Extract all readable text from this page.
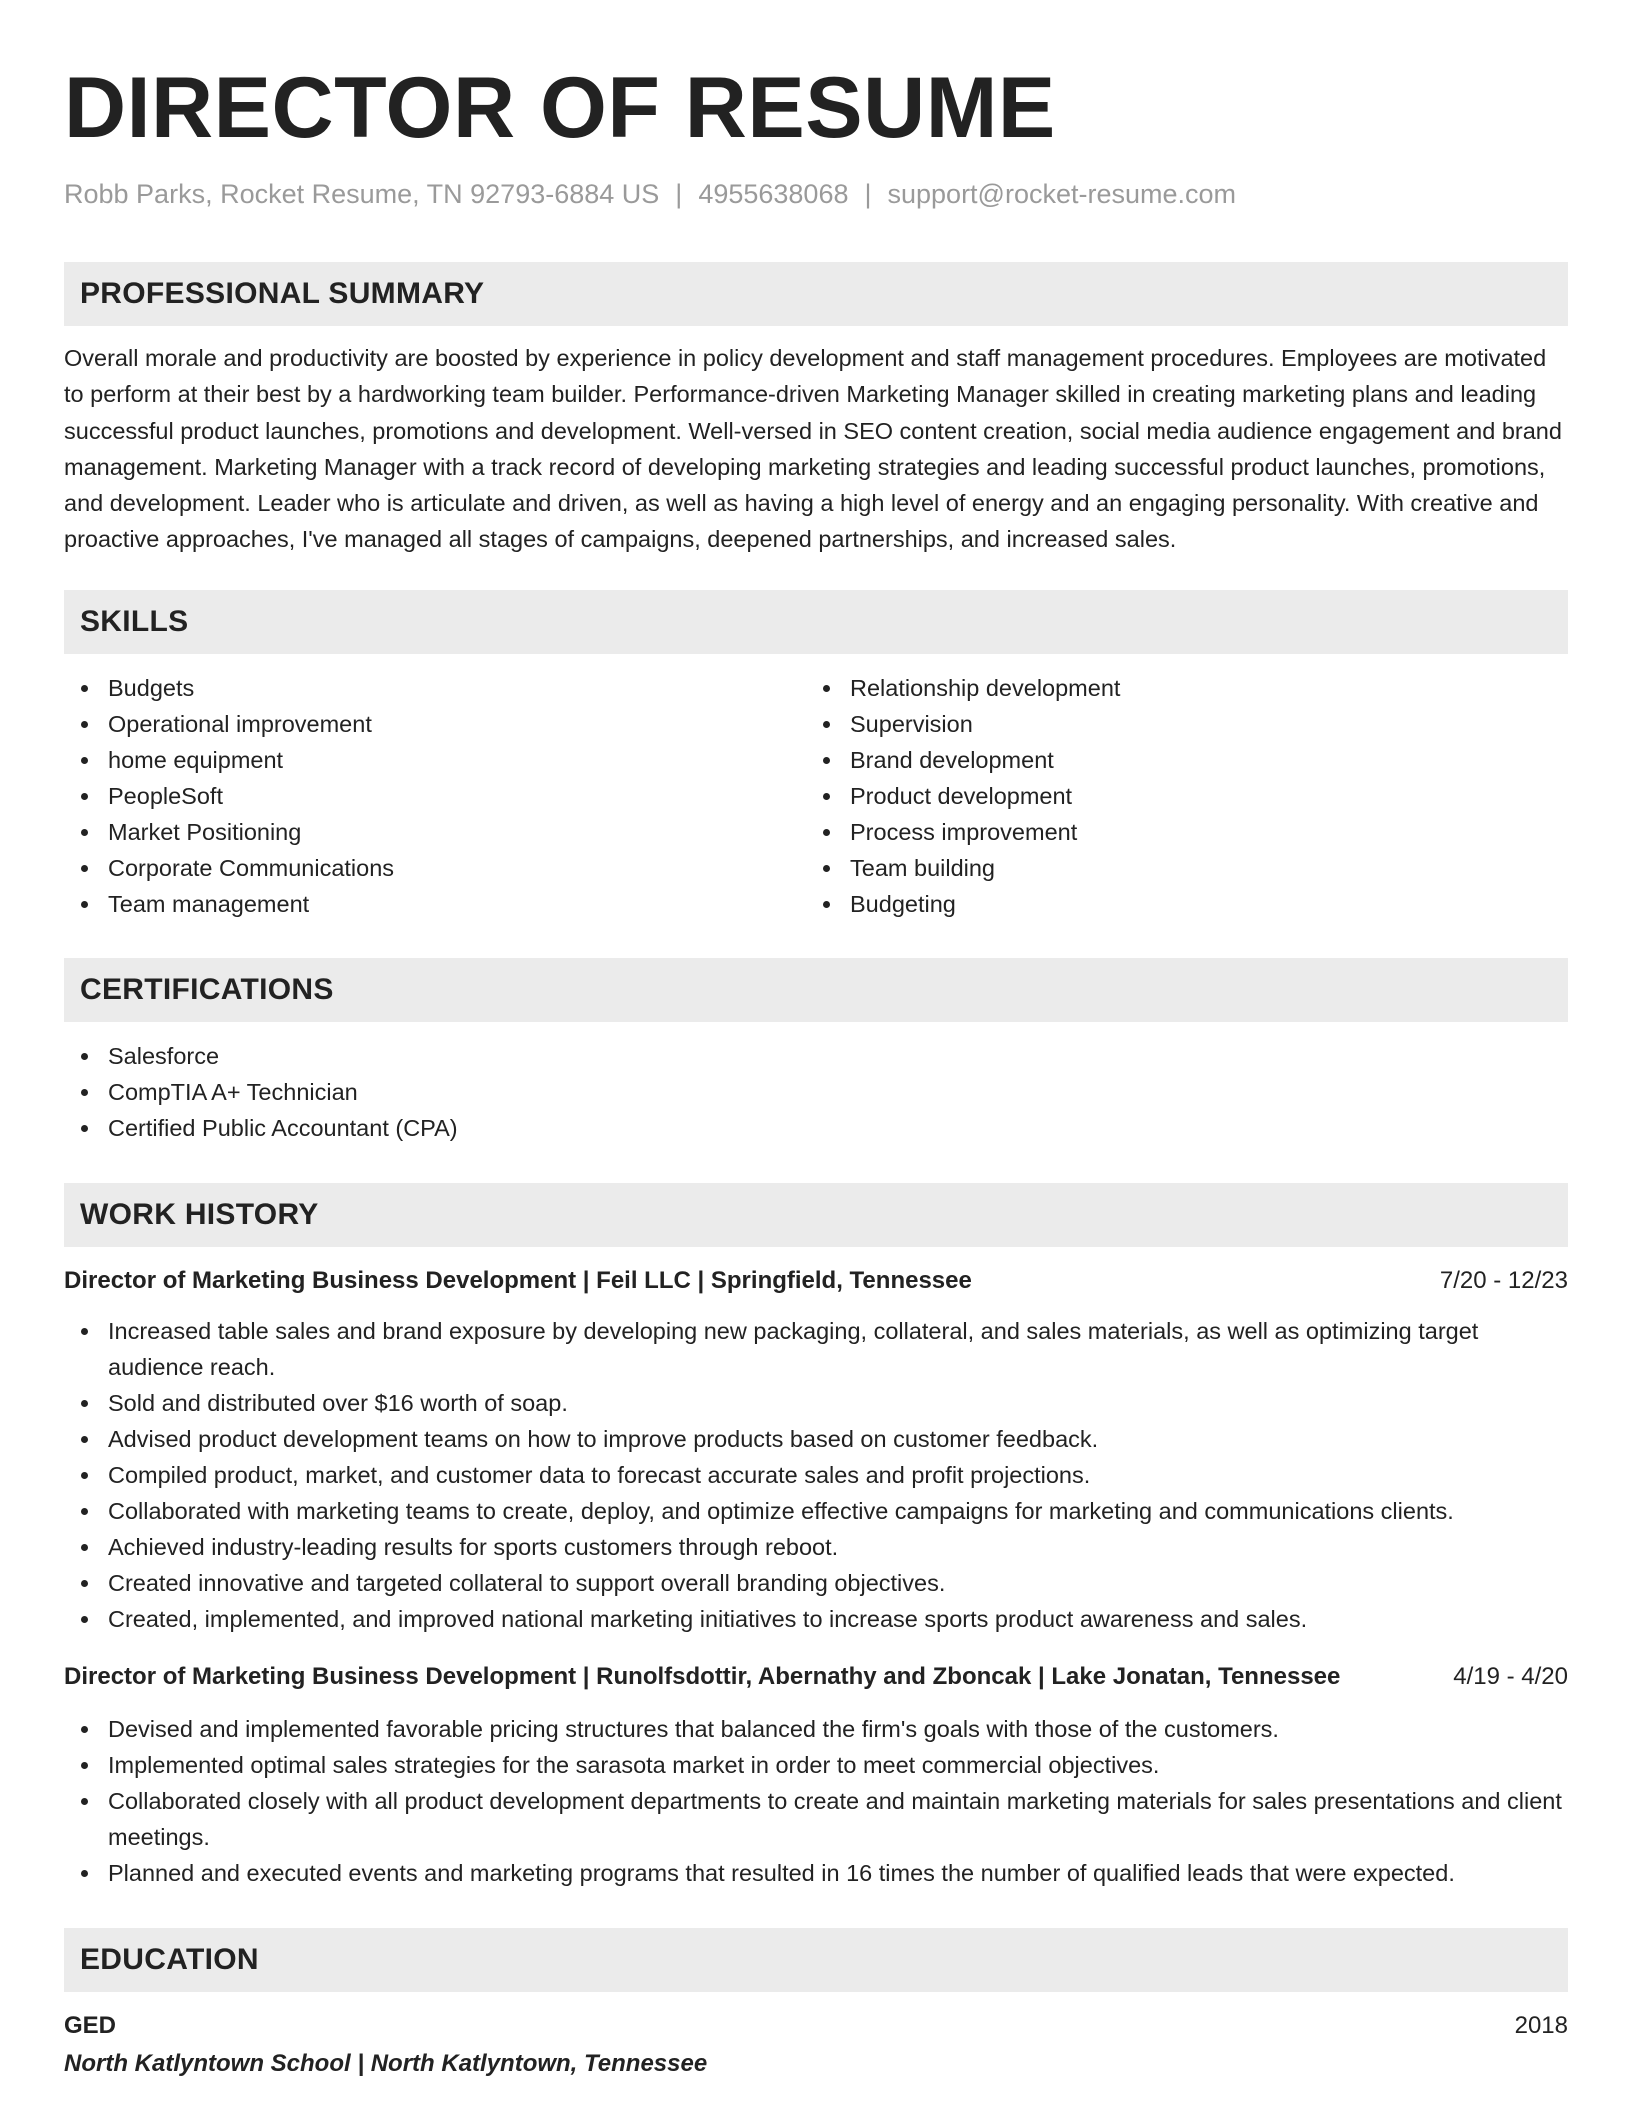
DIRECTOR OF RESUME
Robb Parks, Rocket Resume, TN 92793-6884 US | 4955638068 | support@rocket-resume.com
PROFESSIONAL SUMMARY

Overall morale and productivity are boosted by experience in policy development and staff management procedures. Employees are motivated to perform at their best by a hardworking team builder. Performance-driven Marketing Manager skilled in creating marketing plans and leading successful product launches, promotions and development. Well-versed in SEO content creation, social media audience engagement and brand management. Marketing Manager with a track record of developing marketing strategies and leading successful product launches, promotions, and development. Leader who is articulate and driven, as well as having a high level of energy and an engaging personality. With creative and proactive approaches, I've managed all stages of campaigns, deepened partnerships, and increased sales.

SKILLS
Budgets
Operational improvement
home equipment
PeopleSoft
Market Positioning
Corporate Communications
Team management
Relationship development
Supervision
Brand development
Product development
Process improvement
Team building
Budgeting
CERTIFICATIONS
Salesforce
CompTIA A+ Technician
Certified Public Accountant (CPA)
WORK HISTORY
Director of Marketing Business Development | Feil LLC | Springfield, Tennessee	7/20 - 12/23
Increased table sales and brand exposure by developing new packaging, collateral, and sales materials, as well as optimizing target audience reach.
Sold and distributed over $16 worth of soap.
Advised product development teams on how to improve products based on customer feedback.
Compiled product, market, and customer data to forecast accurate sales and profit projections.
Collaborated with marketing teams to create, deploy, and optimize effective campaigns for marketing and communications clients.
Achieved industry-leading results for sports customers through reboot.
Created innovative and targeted collateral to support overall branding objectives.
Created, implemented, and improved national marketing initiatives to increase sports product awareness and sales.
Director of Marketing Business Development | Runolfsdottir, Abernathy and Zboncak | Lake Jonatan, Tennessee	4/19 - 4/20
Devised and implemented favorable pricing structures that balanced the firm's goals with those of the customers.
Implemented optimal sales strategies for the sarasota market in order to meet commercial objectives.
Collaborated closely with all product development departments to create and maintain marketing materials for sales presentations and client meetings.
Planned and executed events and marketing programs that resulted in 16 times the number of qualified leads that were expected.
EDUCATION
GED	2018
North Katlyntown School | North Katlyntown, Tennessee
